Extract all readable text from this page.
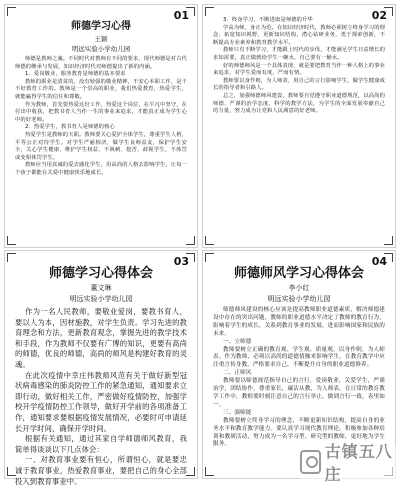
01
师德学习心得
王颖
明远实验小学幼儿园

师德是教师之魂。不同时代对教师有不同的要求，现代师德是对古代师德的继承与发展，知识经济时代对师德提出了新的内涵。

1．爱岗敬业，服务教育是师德的基本要求

教师的职业是清贫的，没有较强的敬业精神，不安心本职工作，是干不好教育工作的。教师是一个崇高的职业，我们热爱教育，热爱学生，就能赢得学生的信任和尊敬。

作为教师，首先要热爱这份工作，热爱这个岗位，在平凡中坚守，在付出中收获，把教书育人当作一生的事业来追求，才能真正成为学生心中的好老师。

2．热爱学生，教书育人是师德的核心

热爱学生是教师的天职。教师要关心爱护全体学生，尊重学生人格，平等公正对待学生。对学生严慈相济，做学生良师益友，保护学生安全，关心学生健康，维护学生权益，不讽刺、挖苦、歧视学生，不体罚或变相体罚学生。

教师应当用真诚的爱去感化学生，用高尚的人格去影响学生，让每一个孩子都能在关爱中健康快乐地成长。

02

3．终身学习，不断进取是师德的升华

学高为师，身正为范。在知识经济时代，教师必须树立终身学习的理念，拓宽知识视野，更新知识结构，潜心钻研业务，勇于探索创新，不断提高专业素养和教育教学水平。

教师只有不断学习，才能跟上时代的步伐，才能满足学生日益增长的求知需要，真正做到给学生一碗水，自己要有一桶水。

好的师德师风是一个具体表现，就是要把教育当作一种人格上的事业来追求，对学生爱而有度，严而有情。

教师要以身作则，为人师表，用自己的言行影响学生，做学生健康成长的指导者和引路人。

总之，加强师德师风建设，教师要自觉遵守职业道德规范，以高尚的师德、严谨的治学态度、科学的教学方法，为学生的全面发展奉献自己的力量，努力成为让党和人民满意的好老师。

03
师德学习心得体会
董文琳
明远实验小学幼儿园

作为一名人民教师，要敬业爱岗，要教书育人，要以人为本，因材施教，对学生负责。学习先进的教育理念和方法，更新教育观念，掌握先进的教学技术和手段，作为教师不仅要有广博的知识，更要有高尚的师德，优良的师德，高尚的师风是构建好教育的灵魂。

在此次疫情中幸庄伟教师风范有关于做好新型冠状病毒感染的肺炎防控工作的紧急通知，通知要求立即行动，做好相关工作，严密做好疫情防控，加强学校开学疫情防控工作领导，做好开学前的各项准备工作，通知要求要根据疫情发展情况，必要时可申请延长开学时间，确保开学时间。

根据有关通知，通过其家自学师德师风教育，我简单得谈谈以下几点体会：

一、对教育事业要有恒心，所谓恒心，就是要忠诚于教育事业，热爱教育事业，要把自己的身心全部投入到教育事业中。

04
师德师风学习心得体会
李小红
明远实验小学幼儿园

师德师风建设的核心应该是提高教师职业道德素质，解决师德建设中存在的突出问题，教师的职业道德水平决定了教师的教育行为，影响着学生的成长，关系到教育事业的发展，进而影响国家和民族的未来。

一、立师德

教师要树立正确的教育观、学生观、质量观，以身作则，为人师表。作为教师，必须以高尚的道德情操来影响学生，在教育教学中应注重言传身教，严格要求自己，不断提升自身的职业道德修养。

二、正师风

教师要以师德规范指导自己的言行，爱岗敬业，关爱学生，严谨治学，团结协作，尊重家长，廉洁从教，为人师表。在日常的教育教学工作中，教师要时刻注意自己的言行举止，做到言行一致，表里如一。

三、强师能

教师要树立终身学习的理念，不断更新知识结构，提高自身的业务水平和教育教学能力。要认真学习现代教育理论，积极参加各种培训和教研活动，努力成为一名学习型、研究型的教师，更好地为学生服务。	古镇五八庄
